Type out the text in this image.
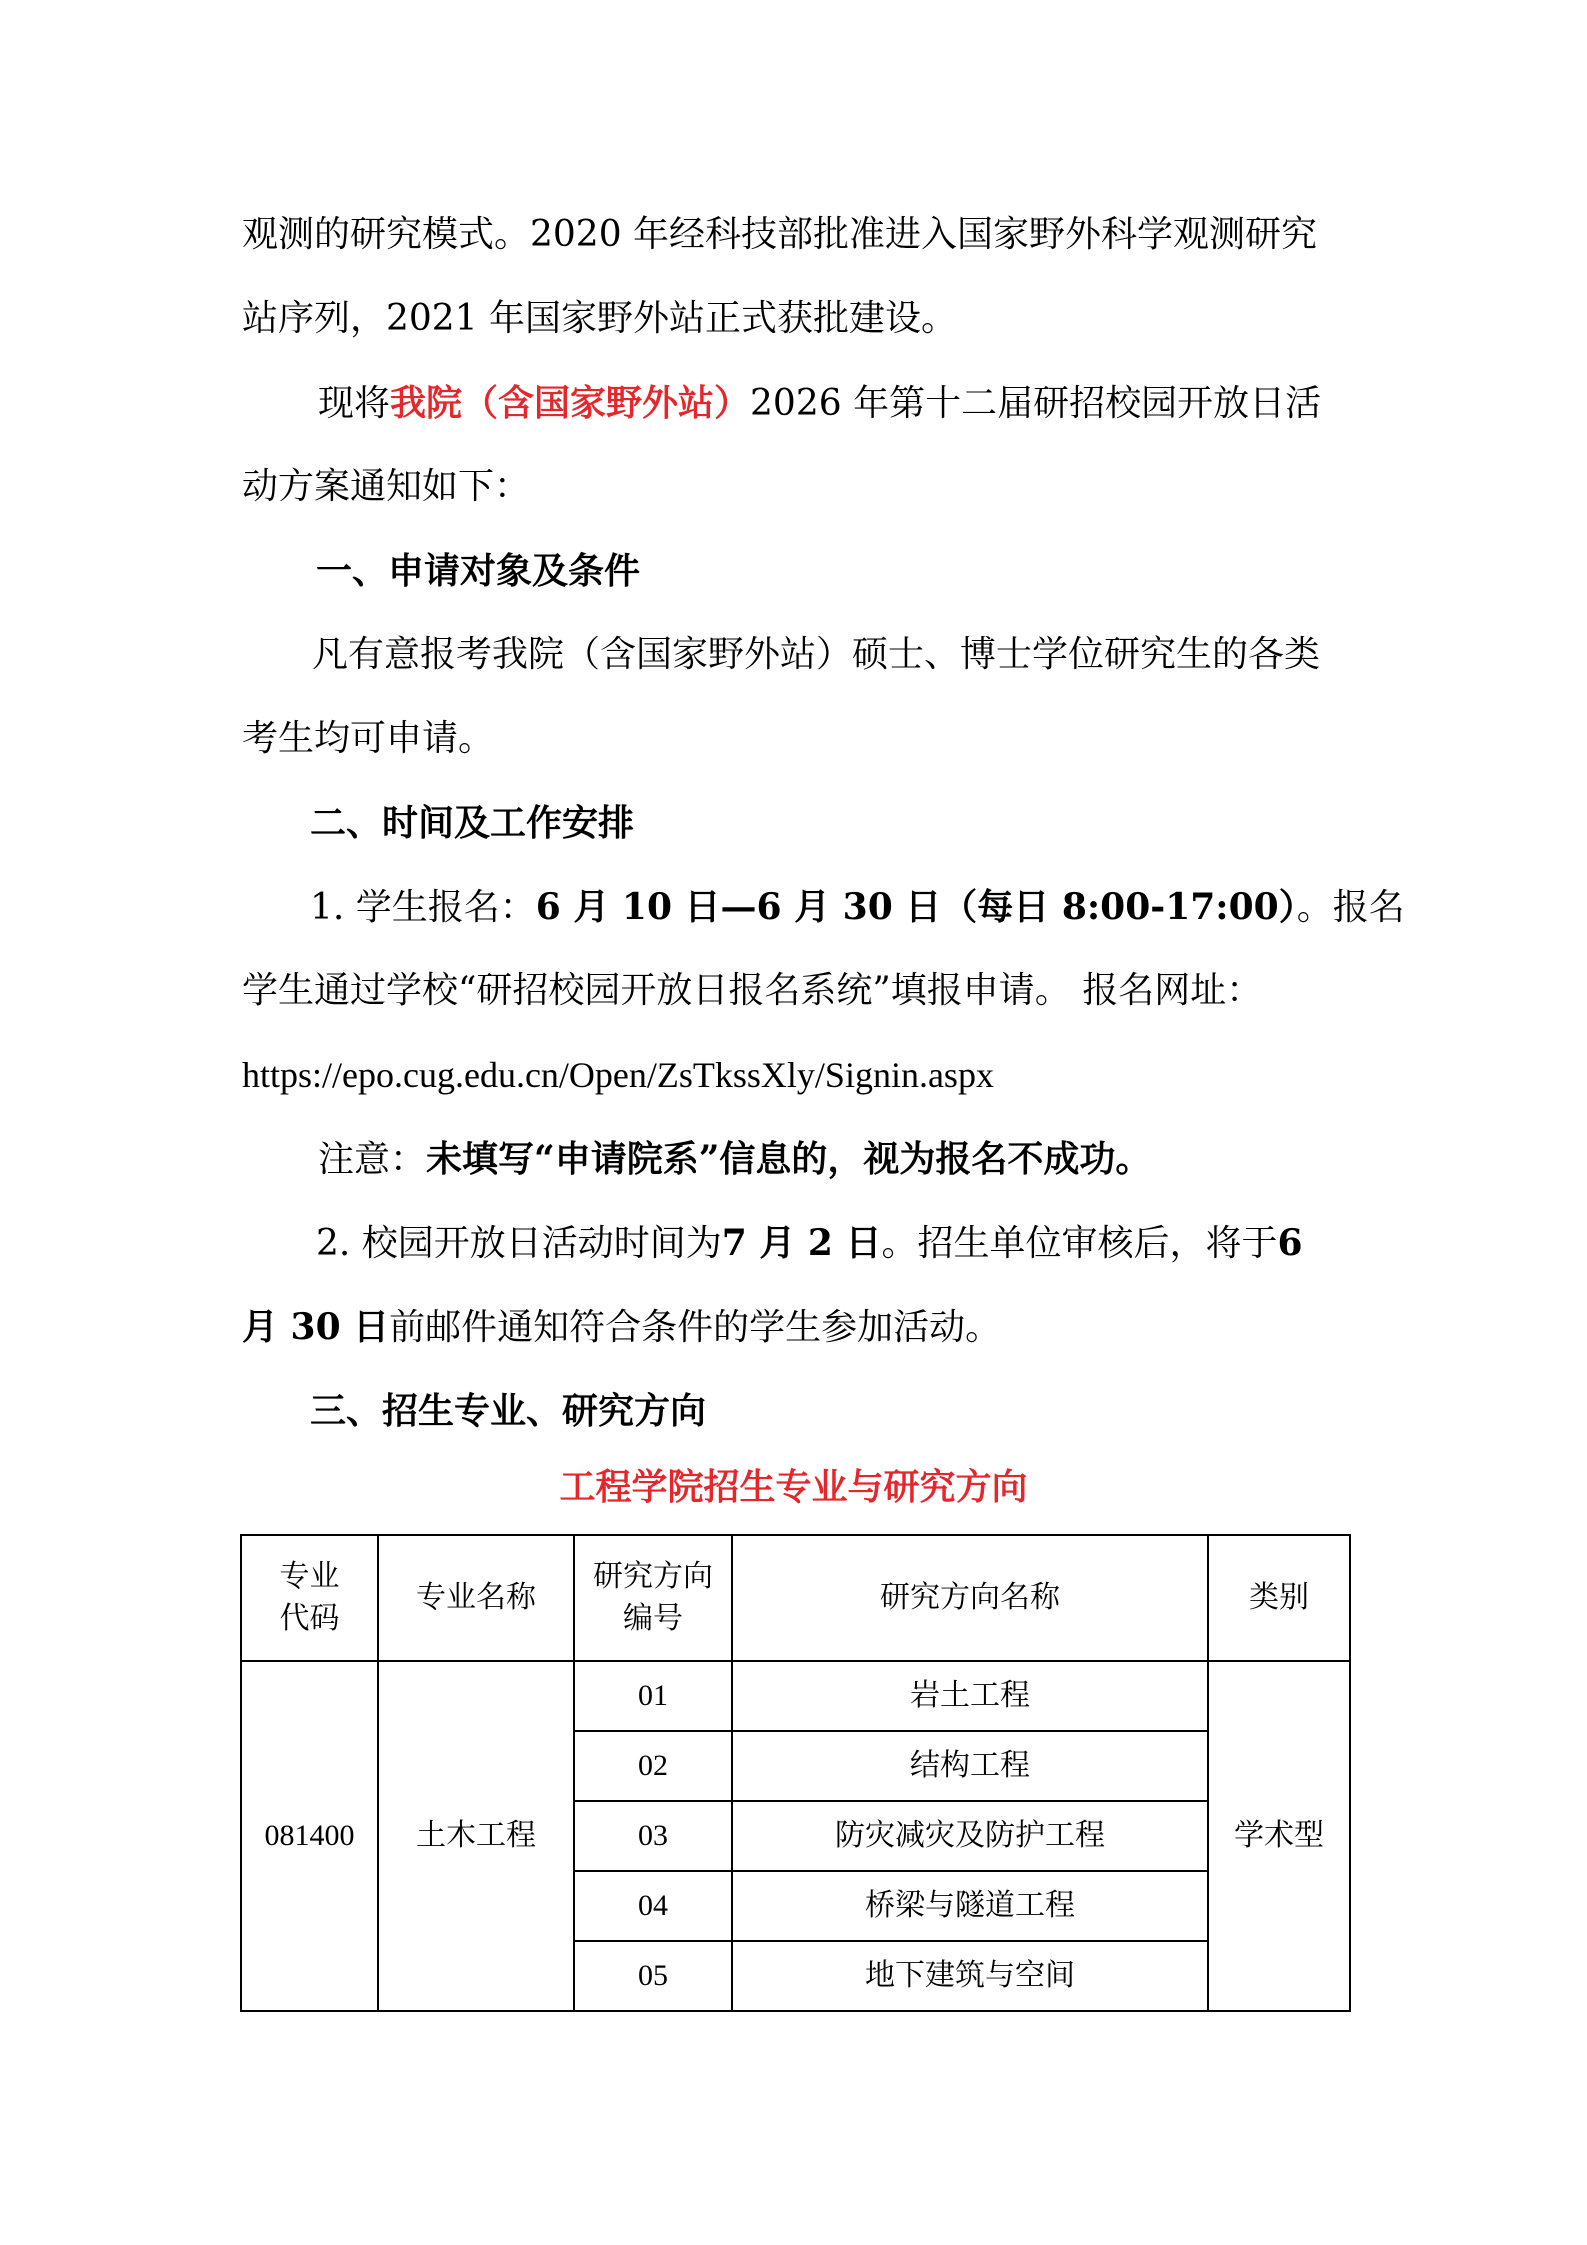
观测的研究模式。2020 年经科技部批准进入国家野外科学观测研究
站序列，2021 年国家野外站正式获批建设。
现将我院（含国家野外站）2026 年第十二届研招校园开放日活
动方案通知如下：
一、申请对象及条件
凡有意报考我院（含国家野外站）硕士、博士学位研究生的各类
考生均可申请。
二、时间及工作安排
1. 学生报名：6 月 10 日—6 月 30 日（每日 8:00-17:00）。报名
学生通过学校“研招校园开放日报名系统”填报申请。 报名网址：
https://epo.cug.edu.cn/Open/ZsTkssXly/Signin.aspx
注意：未填写“申请院系”信息的，视为报名不成功。
2. 校园开放日活动时间为7 月 2 日。招生单位审核后，将于6
月 30 日前邮件通知符合条件的学生参加活动。
三、招生专业、研究方向
工程学院招生专业与研究方向
专业代码	专业名称	研究方向编号	研究方向名称	类别
081400	土木工程	01	岩土工程	学术型
		02	结构工程	
		03	防灾减灾及防护工程	
		04	桥梁与隧道工程	
		05	地下建筑与空间	
